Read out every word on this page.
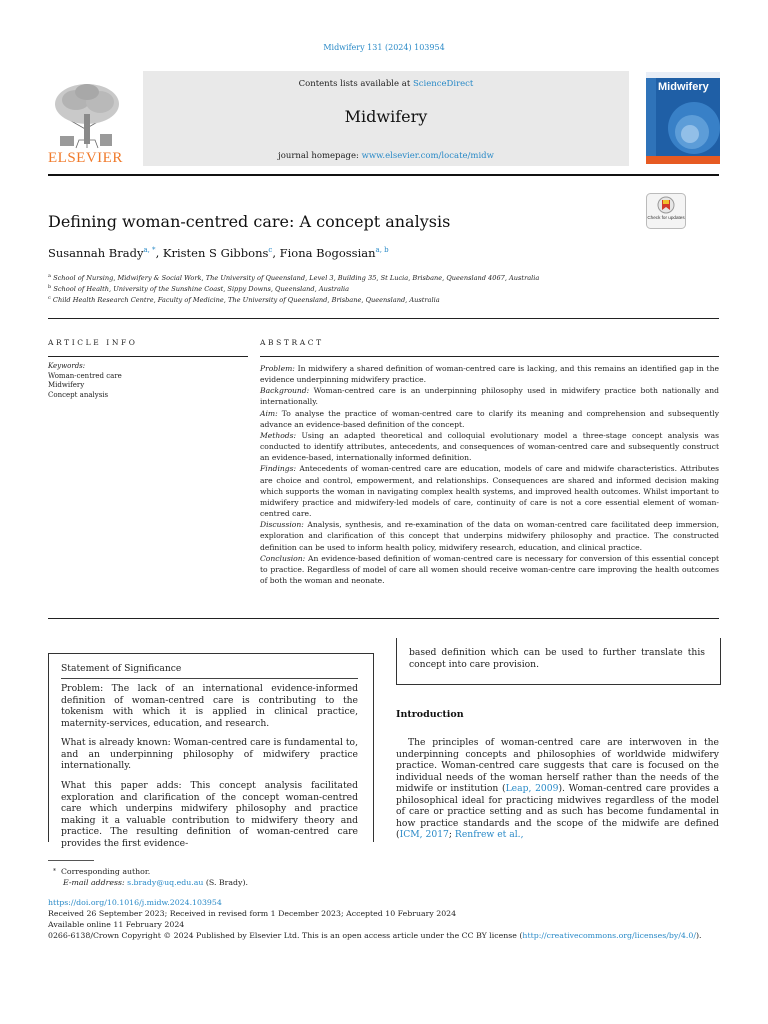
Midwifery 131 (2024) 103954
ELSEVIER
Contents lists available at ScienceDirect
Midwifery
journal homepage: www.elsevier.com/locate/midw
Midwifery
Defining woman-centred care: A concept analysis	Check for updates
Susannah Brady$^{a, *}$, Kristen S Gibbons$^c$, Fiona Bogossian$^{a, b}$
$^a$ School of Nursing, Midwifery & Social Work, The University of Queensland, Level 3, Building 35, St Lucia, Brisbane, Queensland 4067, Australia
$^b$ School of Health, University of the Sunshine Coast, Sippy Downs, Queensland, Australia
$^c$ Child Health Research Centre, Faculty of Medicine, The University of Queensland, Brisbane, Queensland, Australia
ARTICLE INFO
Keywords:
Woman-centred care
Midwifery
Concept analysis
ABSTRACT

Problem: In midwifery a shared definition of woman-centred care is lacking, and this remains an identified gap in the evidence underpinning midwifery practice.

Background: Woman-centred care is an underpinning philosophy used in midwifery practice both nationally and internationally.

Aim: To analyse the practice of woman-centred care to clarify its meaning and comprehension and subsequently advance an evidence-based definition of the concept.

Methods: Using an adapted theoretical and colloquial evolutionary model a three-stage concept analysis was conducted to identify attributes, antecedents, and consequences of woman-centred care and subsequently construct an evidence-based, internationally informed definition.

Findings: Antecedents of woman-centred care are education, models of care and midwife characteristics. Attributes are choice and control, empowerment, and relationships. Consequences are shared and informed decision making which supports the woman in navigating complex health systems, and improved health outcomes. Whilst important to midwifery practice and midwifery-led models of care, continuity of care is not a core essential element of woman-centred care.

Discussion: Analysis, synthesis, and re-examination of the data on woman-centred care facilitated deep immersion, exploration and clarification of this concept that underpins midwifery philosophy and practice. The constructed definition can be used to inform health policy, midwifery research, education, and clinical practice.

Conclusion: An evidence-based definition of woman-centred care is necessary for conversion of this essential concept to practice. Regardless of model of care all women should receive woman-centre care improving the health outcomes of both the woman and neonate.

Statement of Significance
Problem: The lack of an international evidence-informed definition of woman-centred care is contributing to the tokenism with which it is applied in clinical practice, maternity-services, education, and research.
What is already known: Woman-centred care is fundamental to, and an underpinning philosophy of midwifery practice internationally.
What this paper adds: This concept analysis facilitated exploration and clarification of the concept woman-centred care which underpins midwifery philosophy and practice making it a valuable contribution to midwifery theory and practice. The resulting definition of woman-centred care provides the first evidence-
based definition which can be used to further translate this concept into care provision.
Introduction
The principles of woman-centred care are interwoven in the underpinning concepts and philosophies of worldwide midwifery practice. Woman-centred care suggests that care is focused on the individual needs of the woman herself rather than the needs of the midwife or institution (Leap, 2009). Woman-centred care provides a philosophical ideal for practicing midwives regardless of the model of care or practice setting and as such has become fundamental in how practice standards and the scope of the midwife are defined (ICM, 2017; Renfrew et al.,
* Corresponding author.
E-mail address: s.brady@uq.edu.au (S. Brady).
https://doi.org/10.1016/j.midw.2024.103954
Received 26 September 2023; Received in revised form 1 December 2023; Accepted 10 February 2024
Available online 11 February 2024
0266-6138/Crown Copyright © 2024 Published by Elsevier Ltd. This is an open access article under the CC BY license (http://creativecommons.org/licenses/by/4.0/).
